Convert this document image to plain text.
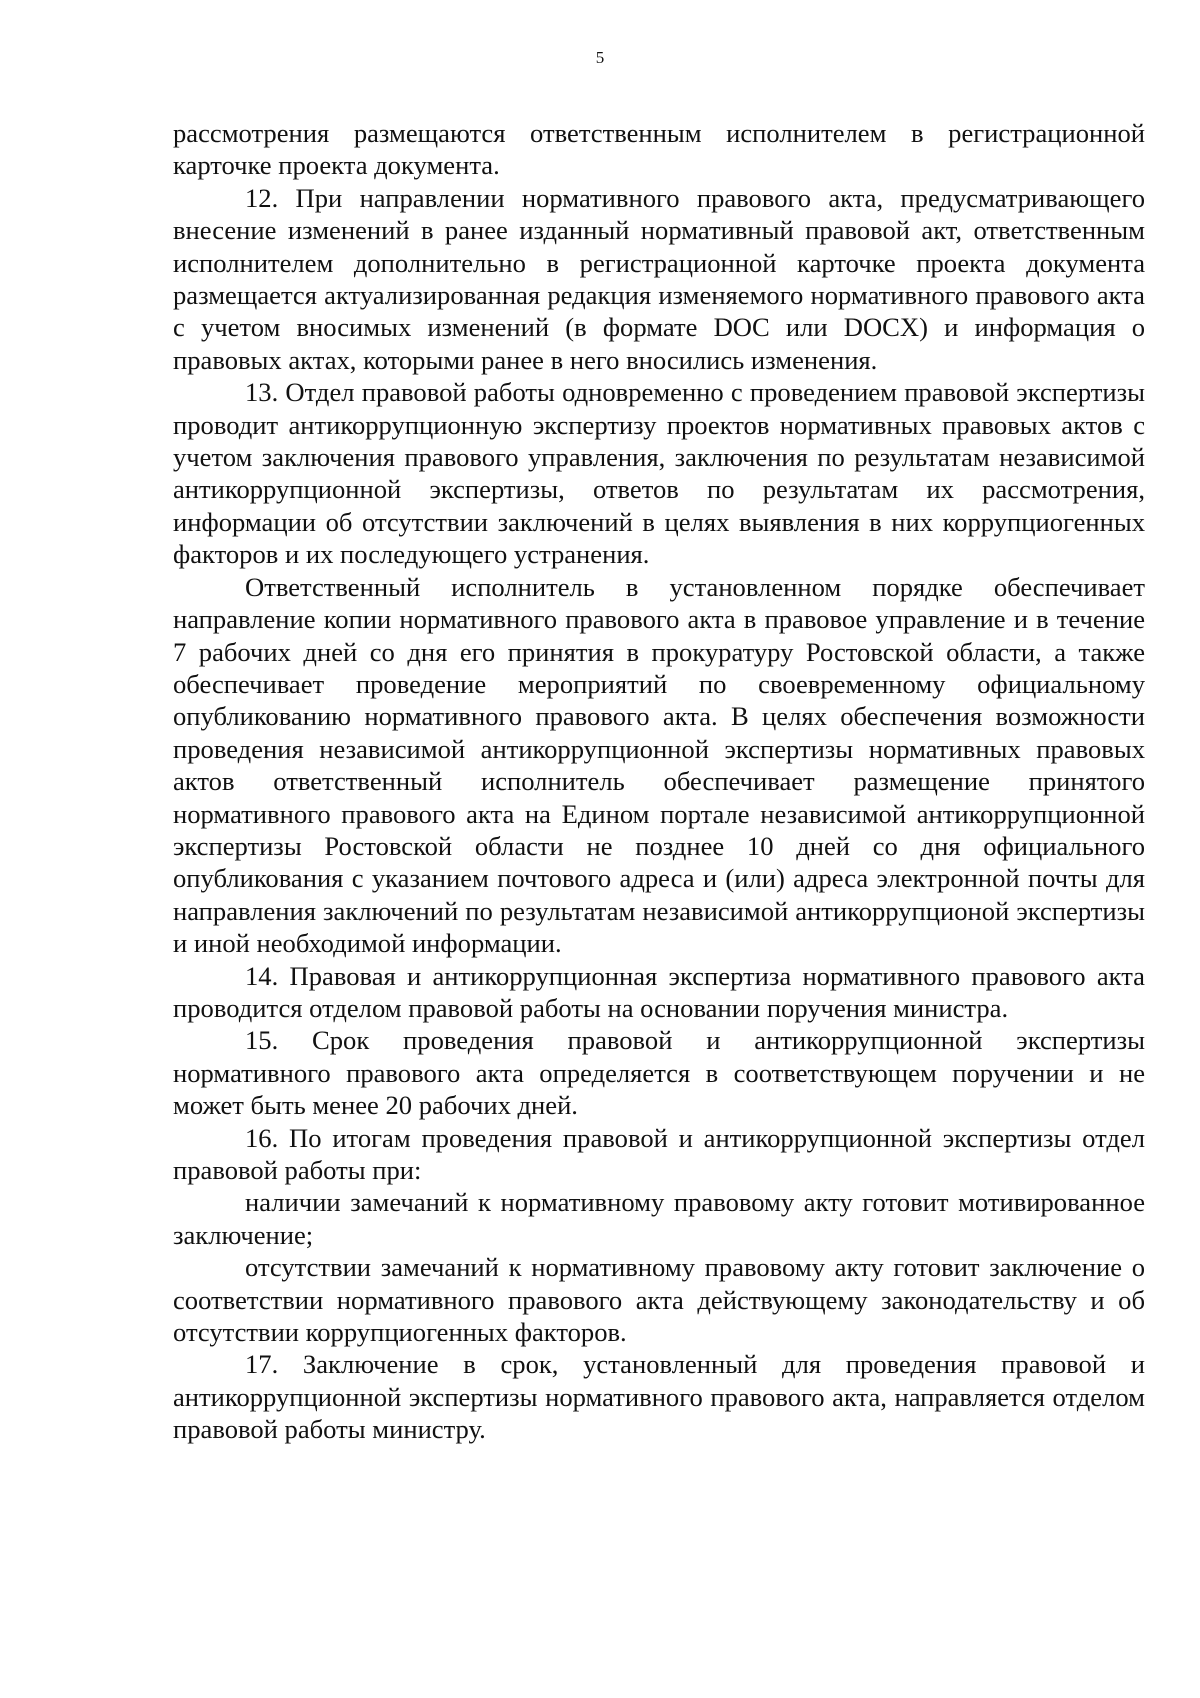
5

рассмотрения размещаются ответственным исполнителем в регистрационной карточке проекта документа.

12. При направлении нормативного правового акта, предусматривающего внесение изменений в ранее изданный нормативный правовой акт, ответственным исполнителем дополнительно в регистрационной карточке проекта документа размещается актуализированная редакция изменяемого нормативного правового акта с учетом вносимых изменений (в формате DOC или DOCX) и информация о правовых актах, которыми ранее в него вносились изменения.

13. Отдел правовой работы одновременно с проведением правовой экспертизы проводит антикоррупционную экспертизу проектов нормативных правовых актов с учетом заключения правового управления, заключения по результатам независимой антикоррупционной экспертизы, ответов по результатам их рассмотрения, информации об отсутствии заключений в целях выявления в них коррупциогенных факторов и их последующего устранения.

Ответственный исполнитель в установленном порядке обеспечивает направление копии нормативного правового акта в правовое управление и в течение 7 рабочих дней со дня его принятия в прокуратуру Ростовской области, а также обеспечивает проведение мероприятий по своевременному официальному опубликованию нормативного правового акта. В целях обеспечения возможности проведения независимой антикоррупционной экспертизы нормативных правовых актов ответственный исполнитель обеспечивает размещение принятого нормативного правового акта на Едином портале независимой антикоррупционной экспертизы Ростовской области не позднее 10 дней со дня официального опубликования с указанием почтового адреса и (или) адреса электронной почты для направления заключений по результатам независимой антикоррупционой экспертизы и иной необходимой информации.

14. Правовая и антикоррупционная экспертиза нормативного правового акта проводится отделом правовой работы на основании поручения министра.

15. Срок проведения правовой и антикоррупционной экспертизы нормативного правового акта определяется в соответствующем поручении и не может быть менее 20 рабочих дней.

16. По итогам проведения правовой и антикоррупционной экспертизы отдел правовой работы при:

наличии замечаний к нормативному правовому акту готовит мотивированное заключение;

отсутствии замечаний к нормативному правовому акту готовит заключение о соответствии нормативного правового акта действующему законодательству и об отсутствии коррупциогенных факторов.

17. Заключение в срок, установленный для проведения правовой и антикоррупционной экспертизы нормативного правового акта, направляется отделом правовой работы министру.
